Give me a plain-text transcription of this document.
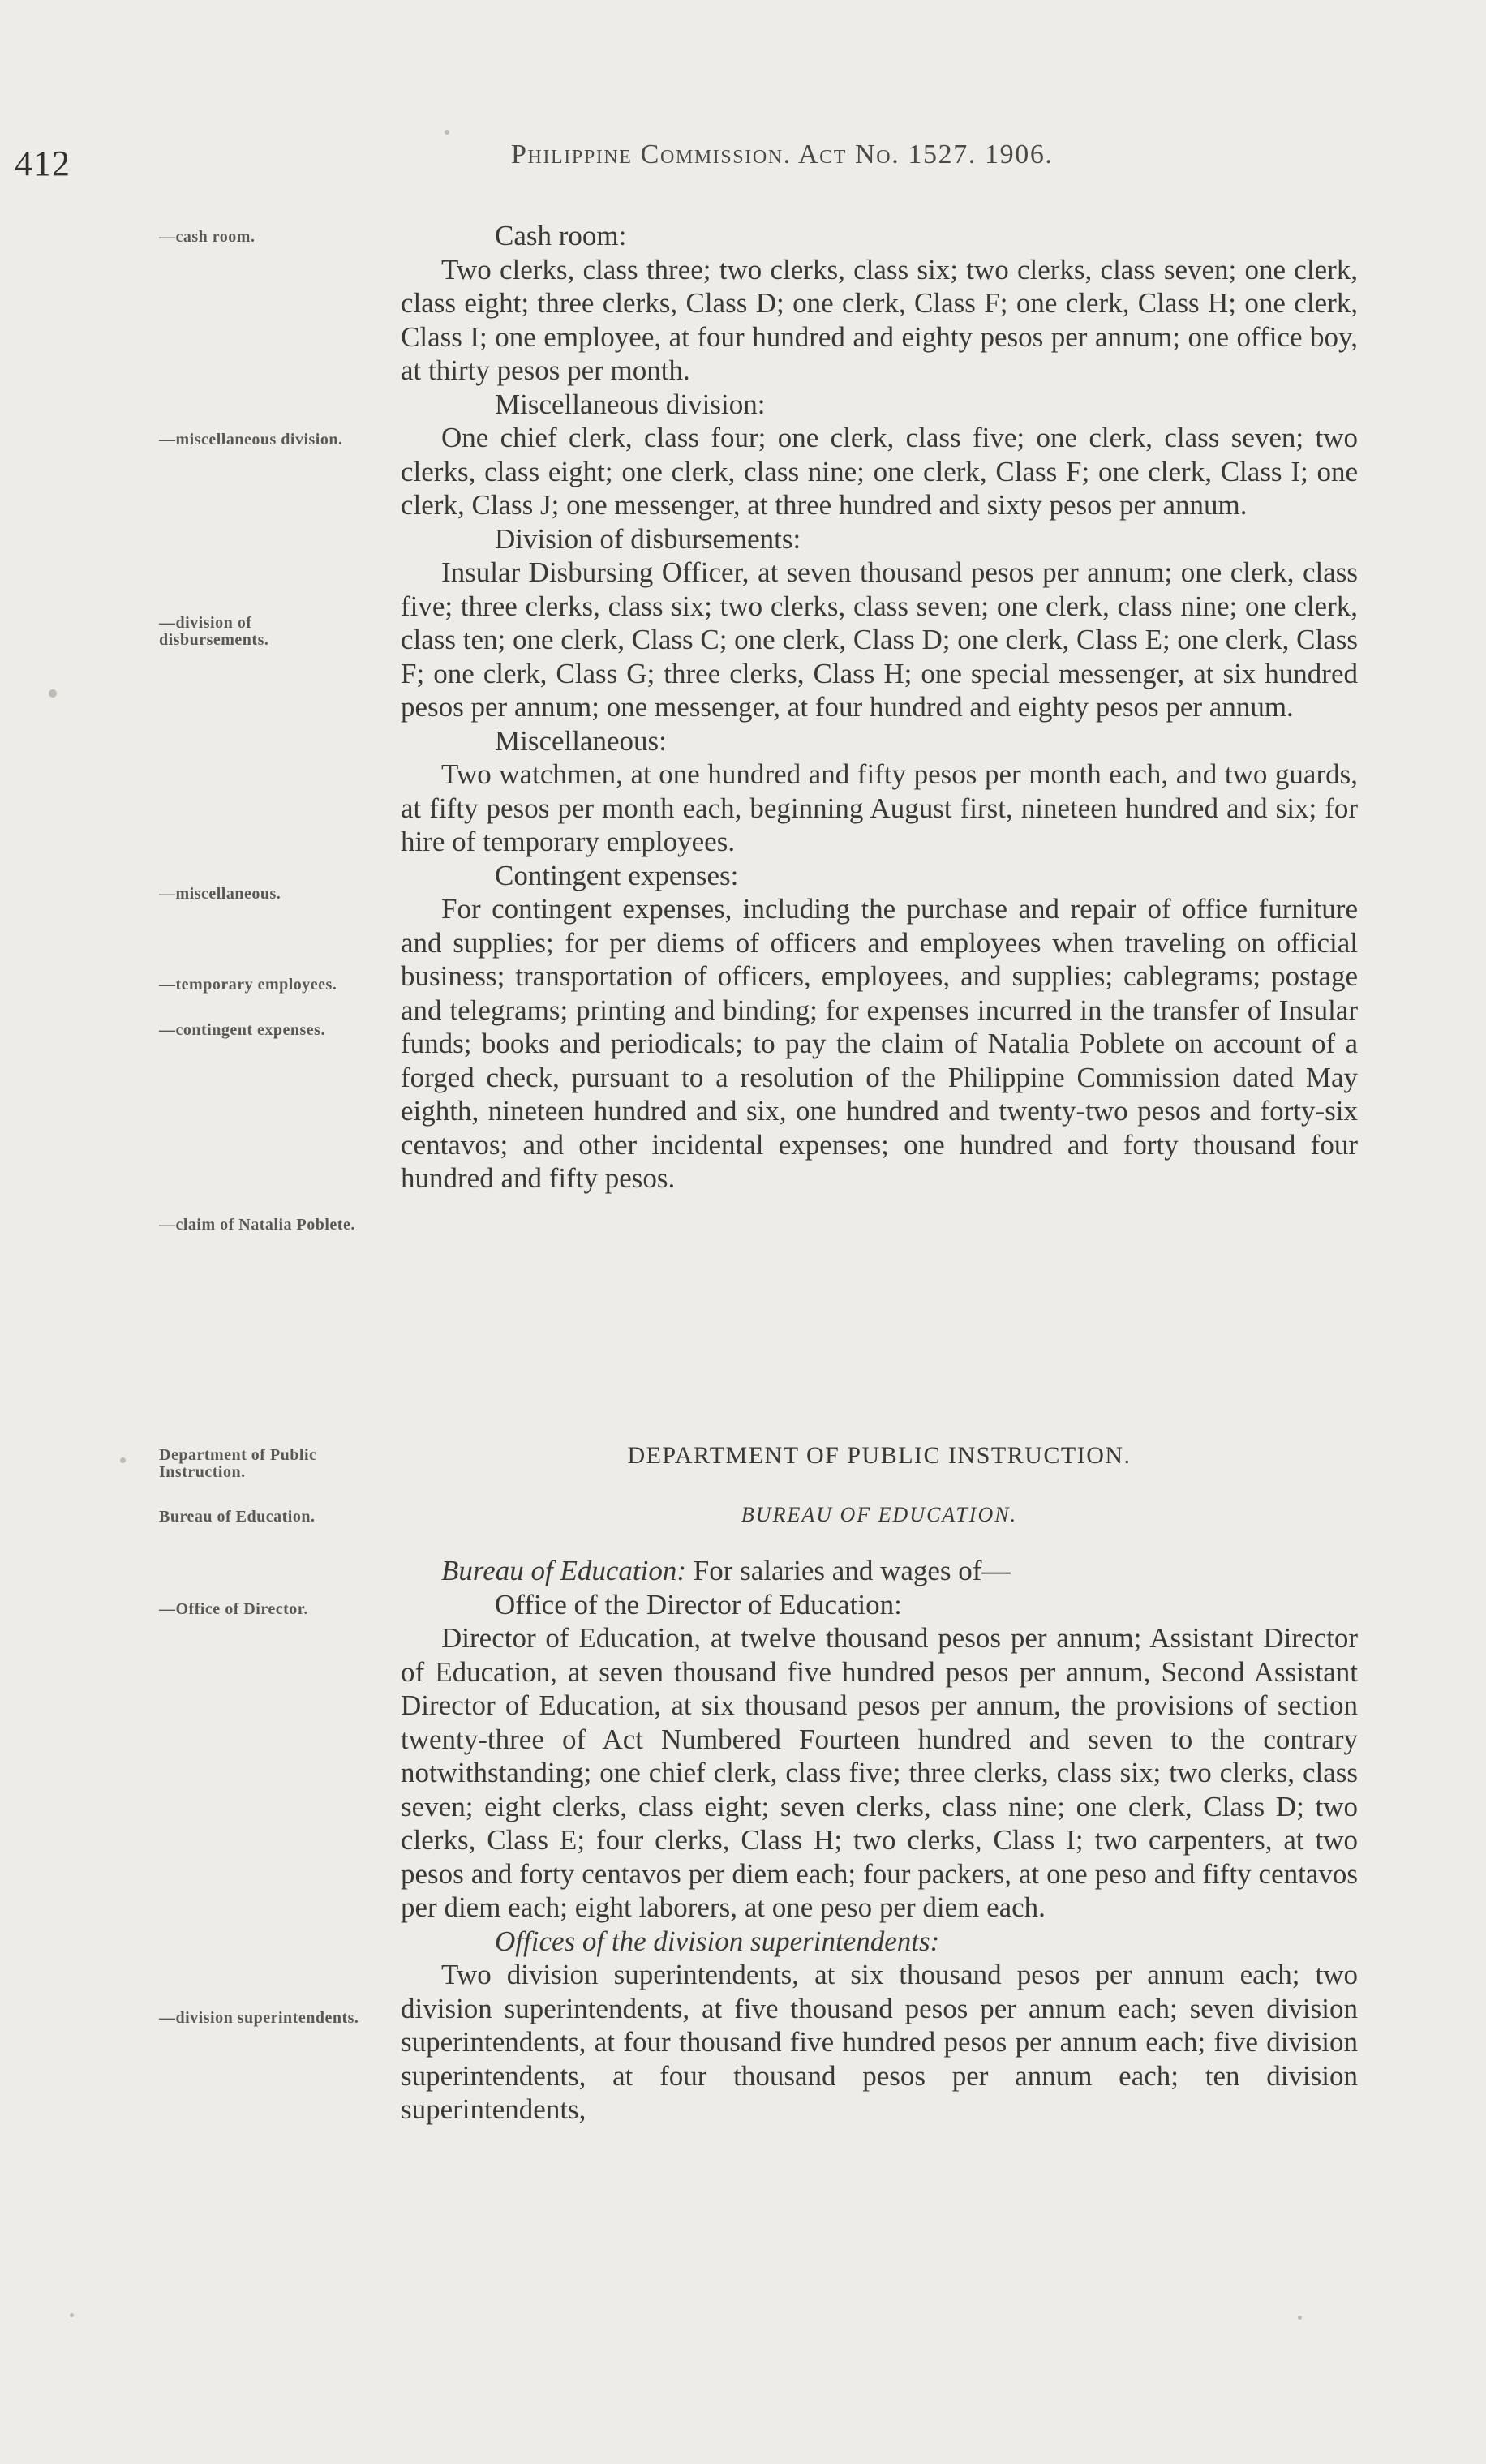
412	Philippine Commission. Act No. 1527. 1906.
—cash room.
—miscellaneous division.
—division of disbursements.
—miscellaneous.
—temporary employees.
—contingent expenses.
—claim of Natalia Poblete.
Department of Public Instruction.
Bureau of Education.
—Office of Director.
—division superintendents.

Cash room:

Two clerks, class three; two clerks, class six; two clerks, class seven; one clerk, class eight; three clerks, Class D; one clerk, Class F; one clerk, Class H; one clerk, Class I; one employee, at four hundred and eighty pesos per annum; one office boy, at thirty pesos per month.

Miscellaneous division:

One chief clerk, class four; one clerk, class five; one clerk, class seven; two clerks, class eight; one clerk, class nine; one clerk, Class F; one clerk, Class I; one clerk, Class J; one messenger, at three hundred and sixty pesos per annum.

Division of disbursements:

Insular Disbursing Officer, at seven thousand pesos per annum; one clerk, class five; three clerks, class six; two clerks, class seven; one clerk, class nine; one clerk, class ten; one clerk, Class C; one clerk, Class D; one clerk, Class E; one clerk, Class F; one clerk, Class G; three clerks, Class H; one special messenger, at six hundred pesos per annum; one messenger, at four hundred and eighty pesos per annum.

Miscellaneous:

Two watchmen, at one hundred and fifty pesos per month each, and two guards, at fifty pesos per month each, beginning August first, nineteen hundred and six; for hire of temporary employees.

Contingent expenses:

For contingent expenses, including the purchase and repair of office furniture and supplies; for per diems of officers and employees when traveling on official business; transportation of officers, employees, and supplies; cablegrams; postage and telegrams; printing and binding; for expenses incurred in the transfer of Insular funds; books and periodicals; to pay the claim of Natalia Poblete on account of a forged check, pursuant to a resolution of the Philippine Commission dated May eighth, nineteen hundred and six, one hundred and twenty-two pesos and forty-six centavos; and other incidental expenses; one hundred and forty thousand four hundred and fifty pesos.

DEPARTMENT OF PUBLIC INSTRUCTION.
BUREAU OF EDUCATION.

Bureau of Education: For salaries and wages of—

Office of the Director of Education:

Director of Education, at twelve thousand pesos per annum; Assistant Director of Education, at seven thousand five hundred pesos per annum, Second Assistant Director of Education, at six thousand pesos per annum, the provisions of section twenty-three of Act Numbered Fourteen hundred and seven to the contrary notwithstanding; one chief clerk, class five; three clerks, class six; two clerks, class seven; eight clerks, class eight; seven clerks, class nine; one clerk, Class D; two clerks, Class E; four clerks, Class H; two clerks, Class I; two carpenters, at two pesos and forty centavos per diem each; four packers, at one peso and fifty centavos per diem each; eight laborers, at one peso per diem each.

Offices of the division superintendents:

Two division superintendents, at six thousand pesos per annum each; two division superintendents, at five thousand pesos per annum each; seven division superintendents, at four thousand five hundred pesos per annum each; five division superintendents, at four thousand pesos per annum each; ten division superintendents,
